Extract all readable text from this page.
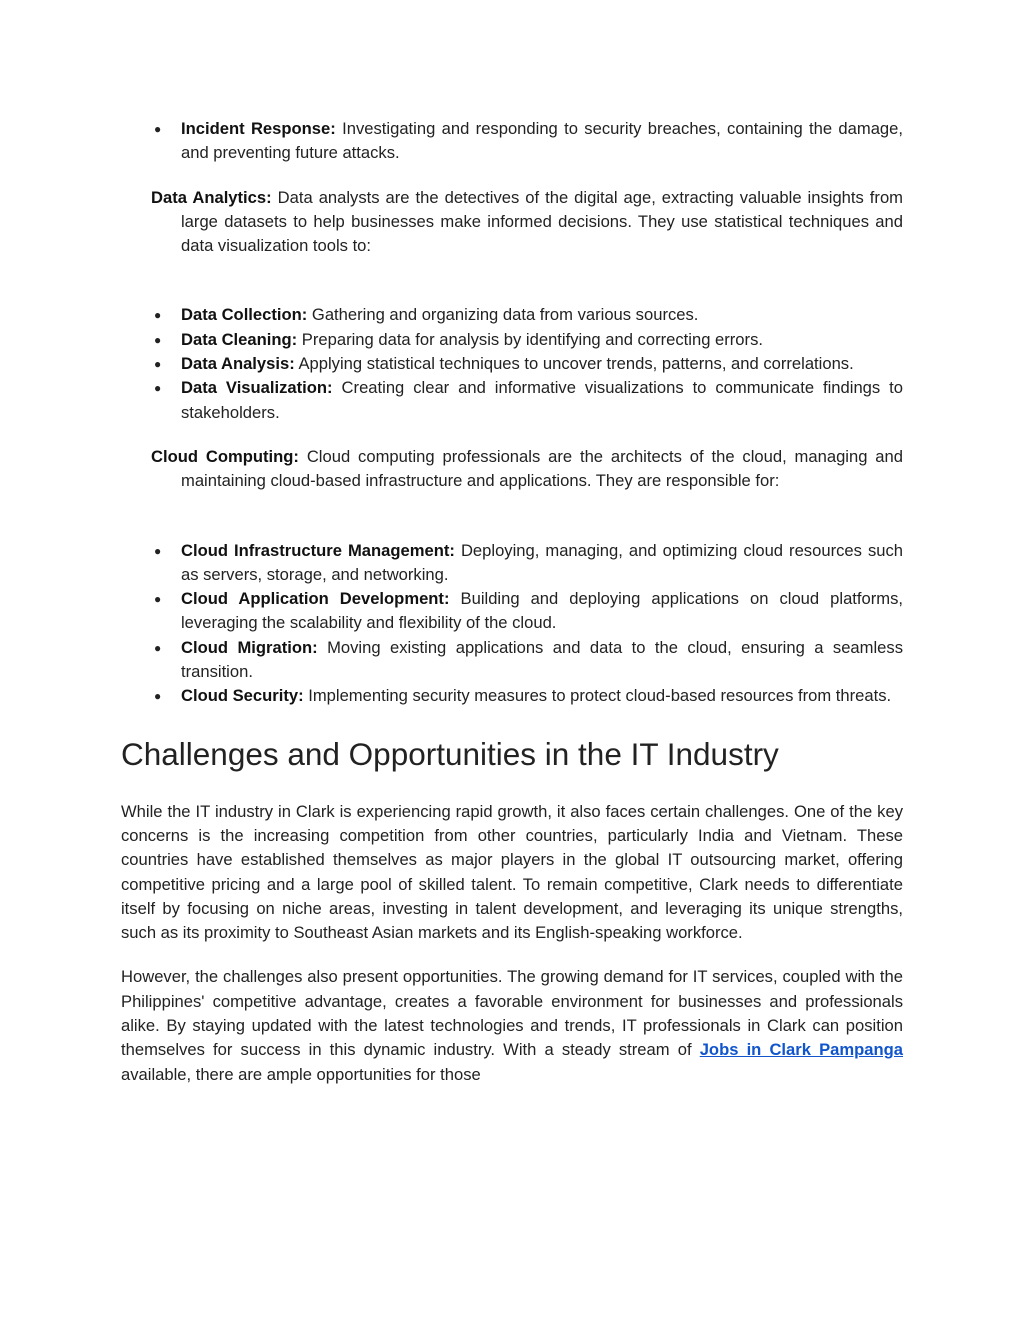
● Incident Response: Investigating and responding to security breaches, containing the damage, and preventing future attacks.

Data Analytics: Data analysts are the detectives of the digital age, extracting valuable insights from large datasets to help businesses make informed decisions. They use statistical techniques and data visualization tools to:

● Data Collection: Gathering and organizing data from various sources.
● Data Cleaning: Preparing data for analysis by identifying and correcting errors.
● Data Analysis: Applying statistical techniques to uncover trends, patterns, and correlations.
● Data Visualization: Creating clear and informative visualizations to communicate findings to stakeholders.

Cloud Computing: Cloud computing professionals are the architects of the cloud, managing and maintaining cloud-based infrastructure and applications. They are responsible for:

● Cloud Infrastructure Management: Deploying, managing, and optimizing cloud resources such as servers, storage, and networking.
● Cloud Application Development: Building and deploying applications on cloud platforms, leveraging the scalability and flexibility of the cloud.
● Cloud Migration: Moving existing applications and data to the cloud, ensuring a seamless transition.
● Cloud Security: Implementing security measures to protect cloud-based resources from threats.
Challenges and Opportunities in the IT Industry

While the IT industry in Clark is experiencing rapid growth, it also faces certain challenges. One of the key concerns is the increasing competition from other countries, particularly India and Vietnam. These countries have established themselves as major players in the global IT outsourcing market, offering competitive pricing and a large pool of skilled talent. To remain competitive, Clark needs to differentiate itself by focusing on niche areas, investing in talent development, and leveraging its unique strengths, such as its proximity to Southeast Asian markets and its English-speaking workforce.

However, the challenges also present opportunities. The growing demand for IT services, coupled with the Philippines' competitive advantage, creates a favorable environment for businesses and professionals alike. By staying updated with the latest technologies and trends, IT professionals in Clark can position themselves for success in this dynamic industry. With a steady stream of Jobs in Clark Pampanga available, there are ample opportunities for those
